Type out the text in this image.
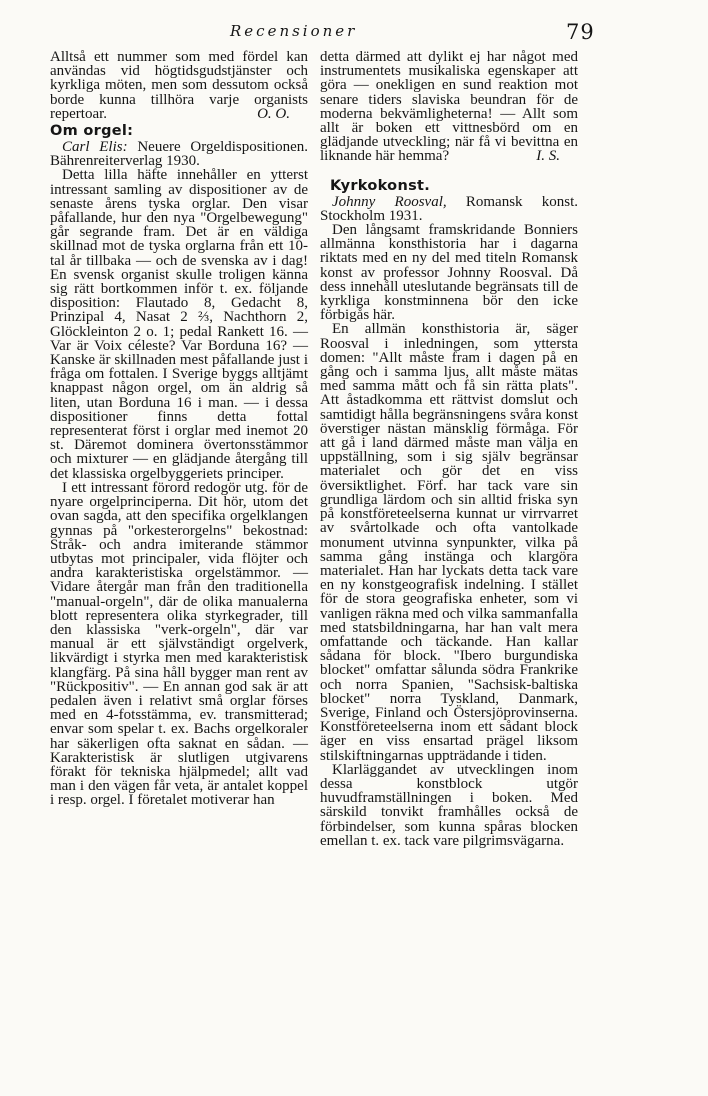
Recensioner	79

Alltså ett nummer som med fördel kan användas vid högtidsgudstjänster och kyrkliga möten, men som dessutom också borde kunna tillhöra varje organists repertoar.	O. O.

Om orgel:

Carl Elis: Neuere Orgeldispositionen. Bährenreiterverlag 1930.

Detta lilla häfte innehåller en ytterst intressant samling av dispositioner av de senaste årens tyska orglar. Den visar påfallande, hur den nya "Orgelbewegung" går segrande fram. Det är en väldiga skillnad mot de tyska orglarna från ett 10-tal år tillbaka — och de svenska av i dag! En svensk organist skulle troligen känna sig rätt bortkommen inför t. ex. följande disposition: Flautado 8, Gedacht 8, Prinzipal 4, Nasat 2 ⅔, Nachthorn 2, Glöckleinton 2 o. 1; pedal Rankett 16. — Var är Voix céleste? Var Borduna 16? — Kanske är skillnaden mest påfallande just i fråga om fottalen. I Sverige byggs alltjämt knappast någon orgel, om än aldrig så liten, utan Borduna 16 i man. — i dessa dispositioner finns detta fottal representerat först i orglar med inemot 20 st. Däremot dominera övertonsstämmor och mixturer — en glädjande återgång till det klassiska orgelbyggeriets principer.

I ett intressant förord redogör utg. för de nyare orgelprinciperna. Dit hör, utom det ovan sagda, att den specifika orgelklangen gynnas på "orkesterorgelns" bekostnad: Stråk- och andra imiterande stämmor utbytas mot principaler, vida flöjter och andra karakteristiska orgelstämmor. — Vidare återgår man från den traditionella "manual-orgeln", där de olika manualerna blott representera olika styrkegrader, till den klassiska "verk-orgeln", där var manual är ett självständigt orgelverk, likvärdigt i styrka men med karakteristisk klangfärg. På sina håll bygger man rent av "Rückpositiv". — En annan god sak är att pedalen även i relativt små orglar förses med en 4-fotsstämma, ev. transmitterad; envar som spelar t. ex. Bachs orgelkoraler har säkerligen ofta saknat en sådan. — Karakteristisk är slutligen utgivarens förakt för tekniska hjälpmedel; allt vad man i den vägen får veta, är antalet koppel i resp. orgel. I företalet motiverar han

detta därmed att dylikt ej har något med instrumentets musikaliska egenskaper att göra — onekligen en sund reaktion mot senare tiders slaviska beundran för de moderna bekvämligheterna! — Allt som allt är boken ett vittnesbörd om en glädjande utveckling; när få vi bevittna en liknande här hemma?	I. S.

Kyrkokonst.

Johnny Roosval, Romansk konst. Stockholm 1931.

Den långsamt framskridande Bonniers allmänna konsthistoria har i dagarna riktats med en ny del med titeln Romansk konst av professor Johnny Roosval. Då dess innehåll uteslutande begränsats till de kyrkliga konstminnena bör den icke förbigås här.

En allmän konsthistoria är, säger Roosval i inledningen, som yttersta domen: "Allt måste fram i dagen på en gång och i samma ljus, allt måste mätas med samma mått och få sin rätta plats". Att åstadkomma ett rättvist domslut och samtidigt hålla begränsningens svåra konst överstiger nästan mänsklig förmåga. För att gå i land därmed måste man välja en uppställning, som i sig själv begränsar materialet och gör det en viss översiktlighet. Förf. har tack vare sin grundliga lärdom och sin alltid friska syn på konstföreteelserna kunnat ur virrvarret av svårtolkade och ofta vantolkade monument utvinna synpunkter, vilka på samma gång instänga och klargöra materialet. Han har lyckats detta tack vare en ny konstgeografisk indelning. I stället för de stora geografiska enheter, som vi vanligen räkna med och vilka sammanfalla med statsbildningarna, har han valt mera omfattande och täckande. Han kallar sådana för block. "Ibero burgundiska blocket" omfattar sålunda södra Frankrike och norra Spanien, "Sachsisk-baltiska blocket" norra Tyskland, Danmark, Sverige, Finland och Östersjöprovinserna. Konstföreteelserna inom ett sådant block äger en viss ensartad prägel liksom stilskiftningarnas uppträdande i tiden.

Klarläggandet av utvecklingen inom dessa konstblock utgör huvudframställningen i boken. Med särskild tonvikt framhålles också de förbindelser, som kunna spåras blocken emellan t. ex. tack vare pilgrimsvägarna.
